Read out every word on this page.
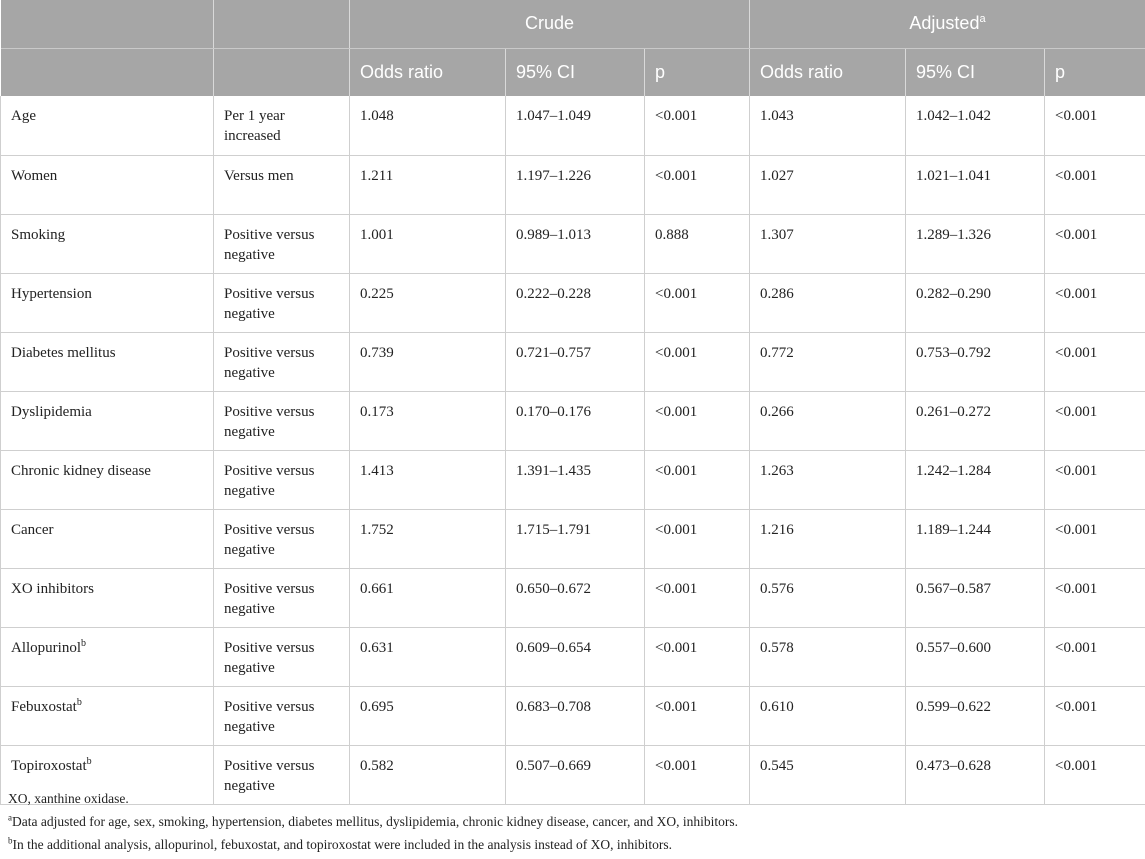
		Crude			Adjusted$^a$
		Odds ratio	95% CI	p	Odds ratio	95% CI	p
Age	Per 1 year increased	1.048	1.047–1.049	<0.001	1.043	1.042–1.042	<0.001
Women	Versus men	1.211	1.197–1.226	<0.001	1.027	1.021–1.041	<0.001
Smoking	Positive versus negative	1.001	0.989–1.013	0.888	1.307	1.289–1.326	<0.001
Hypertension	Positive versus negative	0.225	0.222–0.228	<0.001	0.286	0.282–0.290	<0.001
Diabetes mellitus	Positive versus negative	0.739	0.721–0.757	<0.001	0.772	0.753–0.792	<0.001
Dyslipidemia	Positive versus negative	0.173	0.170–0.176	<0.001	0.266	0.261–0.272	<0.001
Chronic kidney disease	Positive versus negative	1.413	1.391–1.435	<0.001	1.263	1.242–1.284	<0.001
Cancer	Positive versus negative	1.752	1.715–1.791	<0.001	1.216	1.189–1.244	<0.001
XO inhibitors	Positive versus negative	0.661	0.650–0.672	<0.001	0.576	0.567–0.587	<0.001
Allopurinol$^b$	Positive versus negative	0.631	0.609–0.654	<0.001	0.578	0.557–0.600	<0.001
Febuxostat$^b$	Positive versus negative	0.695	0.683–0.708	<0.001	0.610	0.599–0.622	<0.001
Topiroxostat$^b$	Positive versus negative	0.582	0.507–0.669	<0.001	0.545	0.473–0.628	<0.001

XO, xanthine oxidase.

$^a$Data adjusted for age, sex, smoking, hypertension, diabetes mellitus, dyslipidemia, chronic kidney disease, cancer, and XO, inhibitors.

$^b$In the additional analysis, allopurinol, febuxostat, and topiroxostat were included in the analysis instead of XO, inhibitors.
